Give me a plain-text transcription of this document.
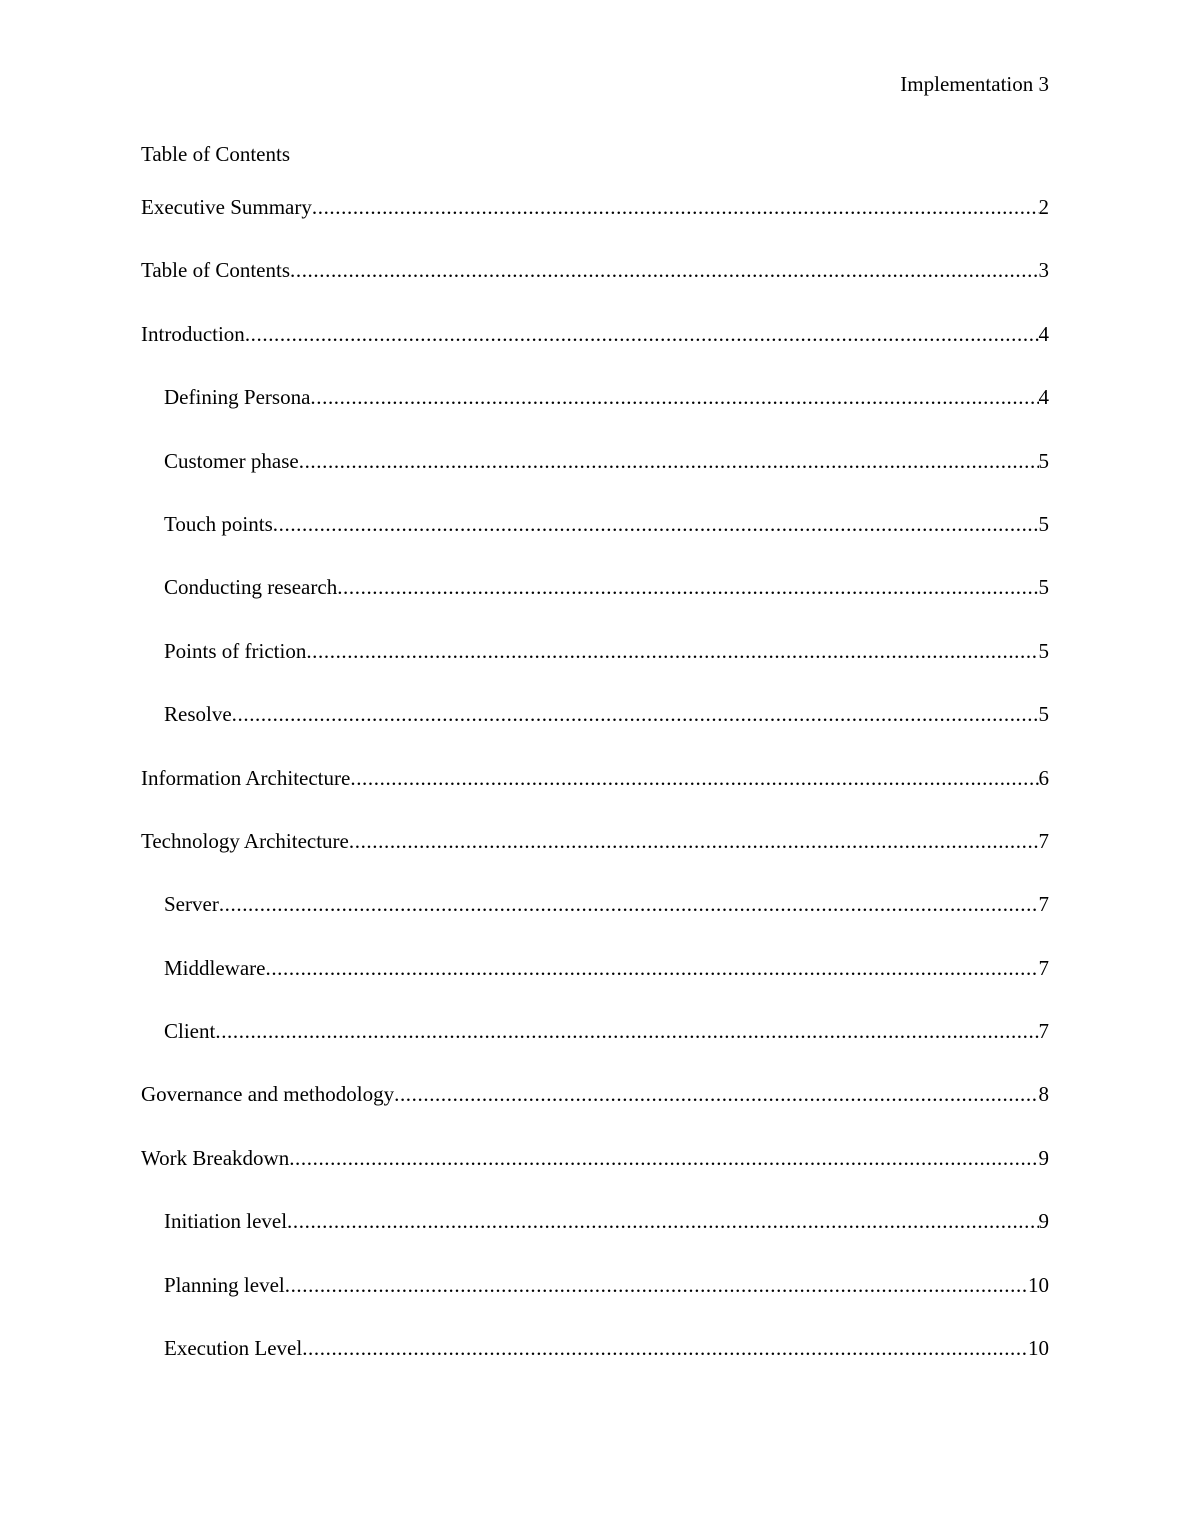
Implementation 3
Table of Contents
Executive Summary .....	2
Table of Contents .....	3
Introduction .....	4
Defining Persona .....	4
Customer phase .....	5
Touch points .....	5
Conducting research .....	5
Points of friction .....	5
Resolve .....	5
Information Architecture .....	6
Technology Architecture .....	7
Server .....	7
Middleware .....	7
Client .....	7
Governance and methodology .....	8
Work Breakdown .....	9
Initiation level .....	9
Planning level .....	10
Execution Level .....	10
